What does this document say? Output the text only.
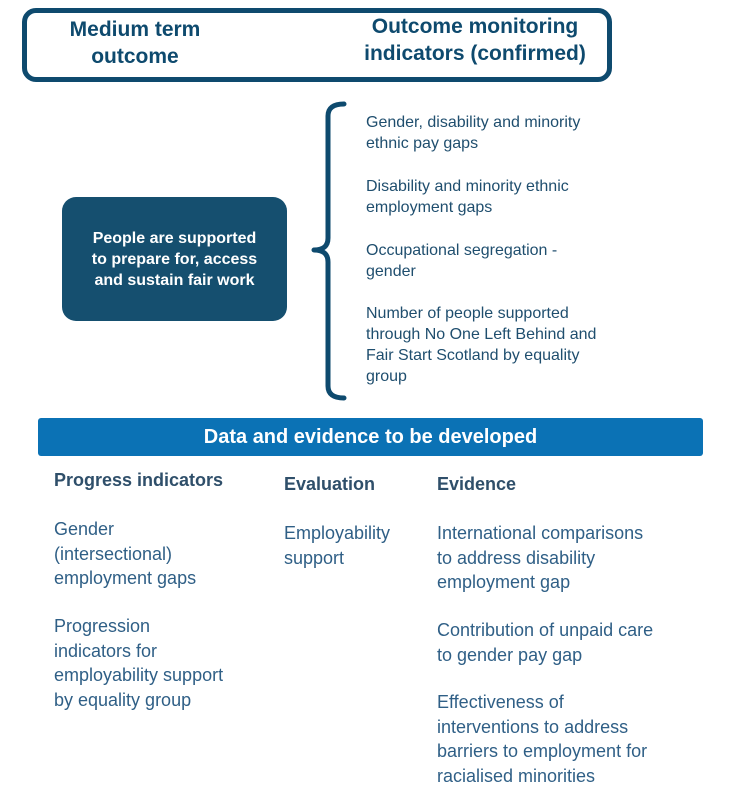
Medium term
outcome
Outcome monitoring
indicators (confirmed)
People are supported
to prepare for, access
and sustain fair work
Gender, disability and minority
ethnic pay gaps
Disability and minority ethnic
employment gaps
Occupational segregation -
gender
Number of people supported
through No One Left Behind and
Fair Start Scotland by equality
group
Data and evidence to be developed
Progress indicators
Gender
(intersectional)
employment gaps
Progression
indicators for
employability support
by equality group
Evaluation
Employability
support
Evidence
International comparisons
to address disability
employment gap
Contribution of unpaid care
to gender pay gap
Effectiveness of
interventions to address
barriers to employment for
racialised minorities
